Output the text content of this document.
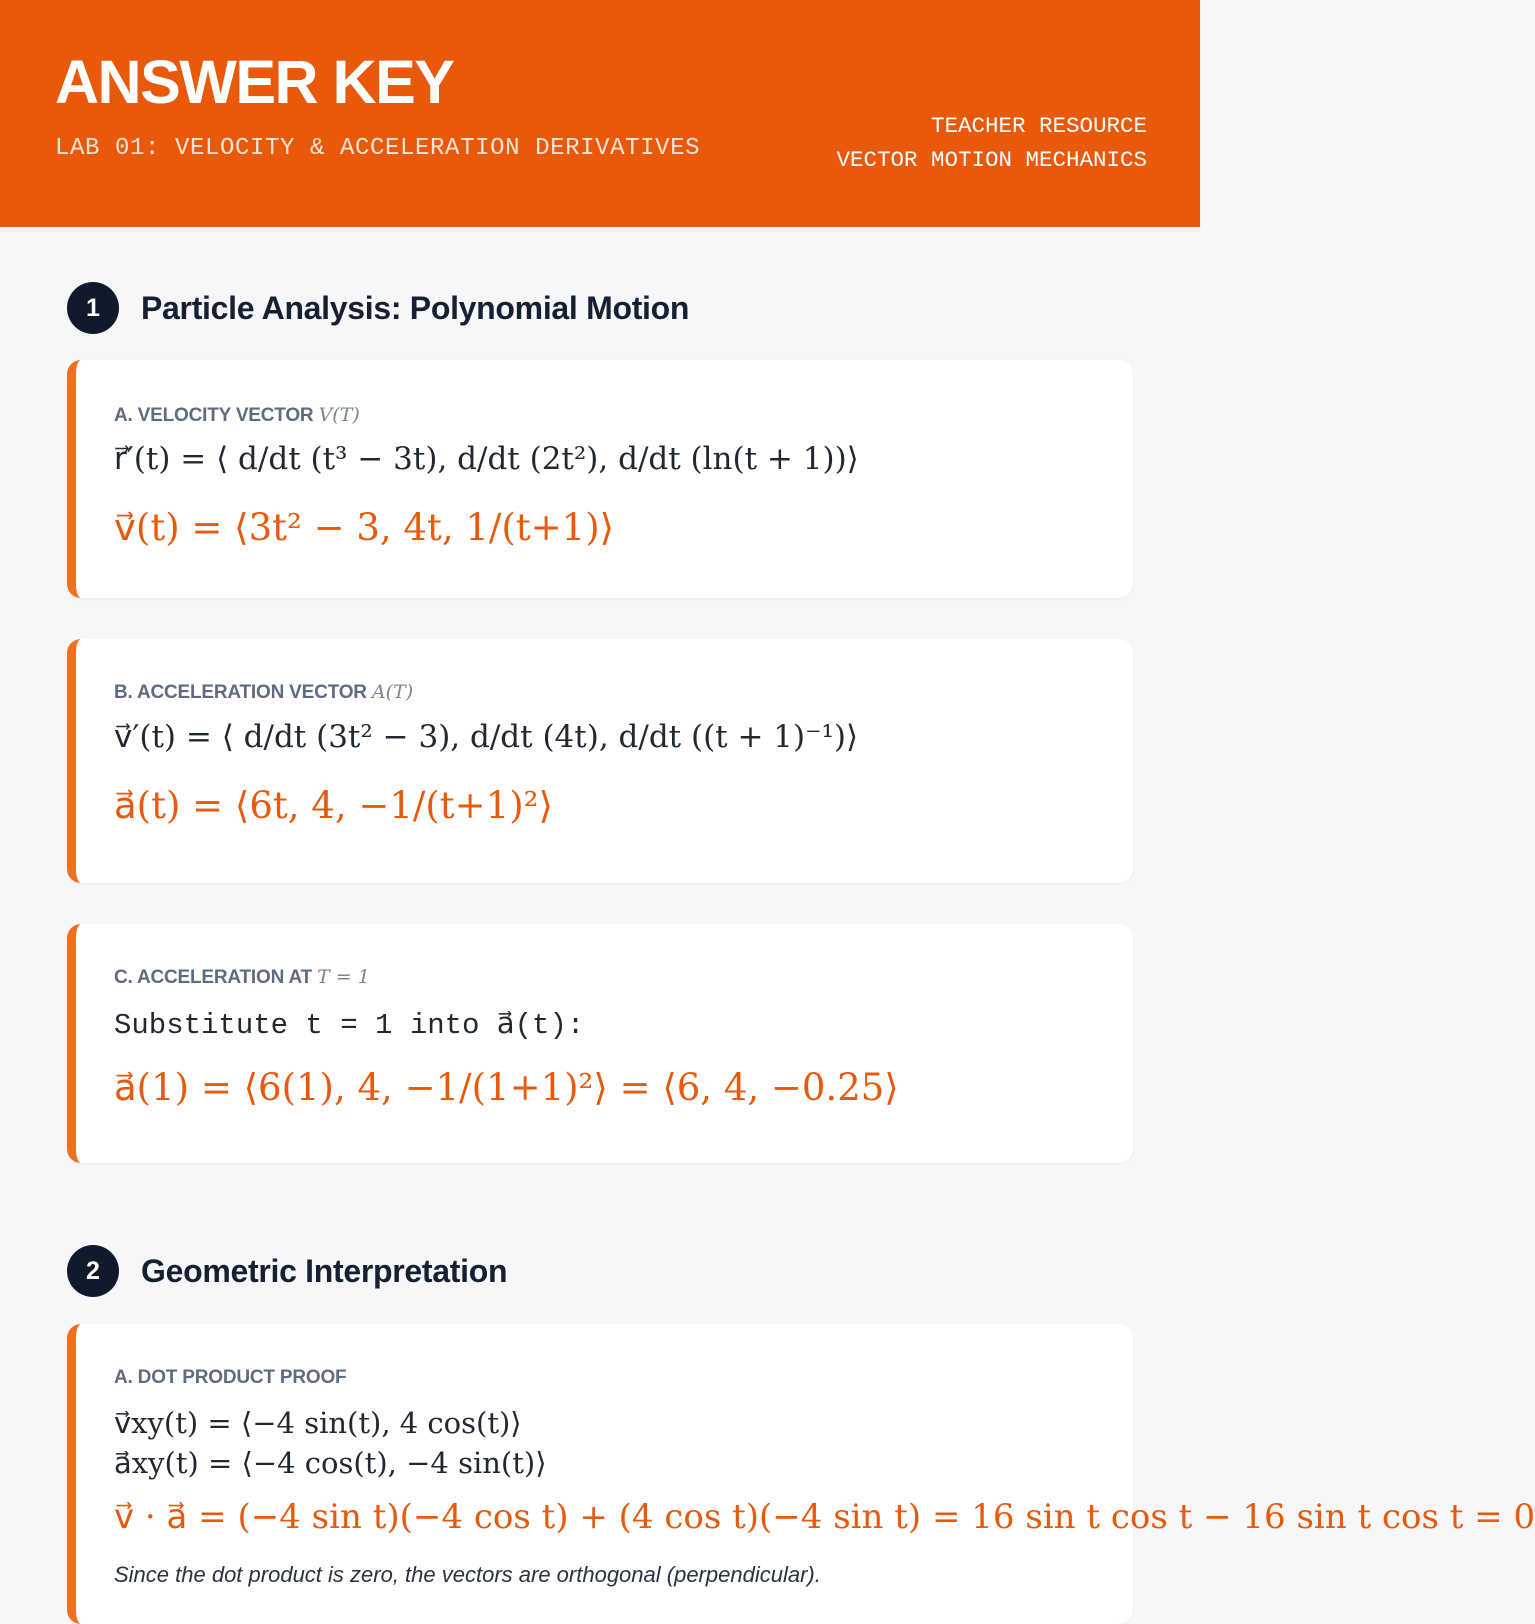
ANSWER KEY
LAB 01: VELOCITY & ACCELERATION DERIVATIVES
TEACHER RESOURCE
VECTOR MOTION MECHANICS
1	Particle Analysis: Polynomial Motion
A. VELOCITY VECTOR V(T)
r⃗′(t) = ⟨ d/dt (t³ − 3t), d/dt (2t²), d/dt (ln(t + 1))⟩
v⃗(t) = ⟨3t² − 3, 4t, 1/(t+1)⟩
B. ACCELERATION VECTOR A(T)
v⃗′(t) = ⟨ d/dt (3t² − 3), d/dt (4t), d/dt ((t + 1)⁻¹)⟩
a⃗(t) = ⟨6t, 4, −1/(t+1)²⟩
C. ACCELERATION AT T = 1
Substitute t = 1 into a⃗(t):
a⃗(1) = ⟨6(1), 4, −1/(1+1)²⟩ = ⟨6, 4, −0.25⟩
2	Geometric Interpretation
A. DOT PRODUCT PROOF
v⃗xy(t) = ⟨−4 sin(t), 4 cos(t)⟩
a⃗xy(t) = ⟨−4 cos(t), −4 sin(t)⟩
v⃗ · a⃗ = (−4 sin t)(−4 cos t) + (4 cos t)(−4 sin t) = 16 sin t cos t − 16 sin t cos t = 0
Since the dot product is zero, the vectors are orthogonal (perpendicular).
